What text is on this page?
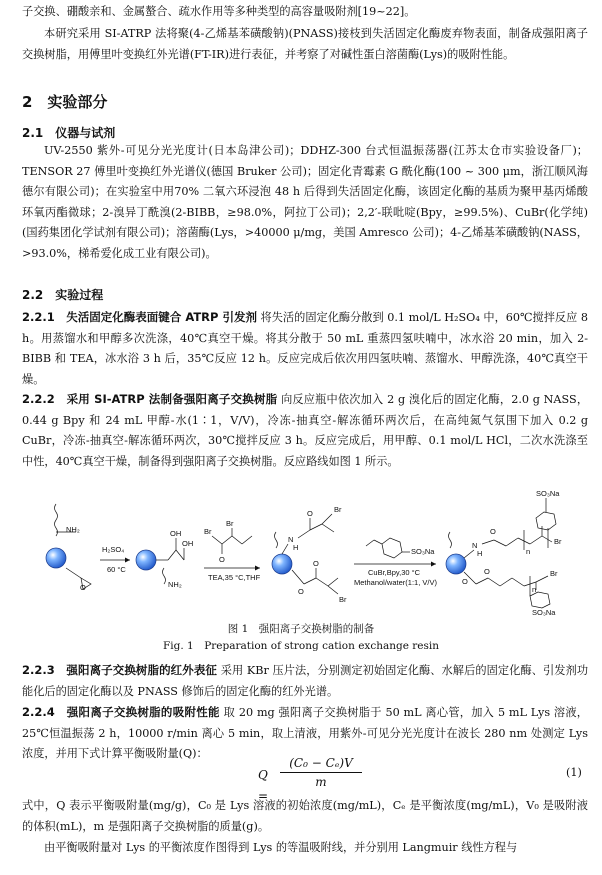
子交换、硼酸亲和、金属螯合、疏水作用等多种类型的高容量吸附剂[19~22]。
本研究采用 SI-ATRP 法将聚(4-乙烯基苯磺酸钠)(PNASS)接枝到失活固定化酶废弃物表面，制备成强阳离子交换树脂，用傅里叶变换红外光谱(FT-IR)进行表征，并考察了对碱性蛋白溶菌酶(Lys)的吸附性能。
2　实验部分
2.1　仪器与试剂
UV-2550 紫外-可见分光光度计(日本岛津公司)；DDHZ-300 台式恒温振荡器(江苏太仓市实验设备厂)；TENSOR 27 傅里叶变换红外光谱仪(德国 Bruker 公司)；固定化青霉素 G 酰化酶(100 ~ 300 μm，浙江顺风海德尔有限公司)；在实验室中用70% 二氧六环浸泡 48 h 后得到失活固定化酶，该固定化酶的基质为聚甲基丙烯酸环氧丙酯微球；2-溴异丁酰溴(2-BIBB，≥98.0%，阿拉丁公司)；2,2′-联吡啶(Bpy，≥99.5%)、CuBr(化学纯)(国药集团化学试剂有限公司)；溶菌酶(Lys，>40000 μ/mg，美国 Amresco 公司)；4-乙烯基苯磺酸钠(NASS，>93.0%，梯希爱化成工业有限公司)。
2.2　实验过程
2.2.1　失活固定化酶表面键合 ATRP 引发剂 将失活的固定化酶分散到 0.1 mol/L H₂SO₄ 中，60℃搅拌反应 8 h。用蒸馏水和甲醇多次洗涤，40℃真空干燥。将其分散于 50 mL 重蒸四氢呋喃中，冰水浴 20 min，加入 2-BIBB 和 TEA，冰水浴 3 h 后，35℃反应 12 h。反应完成后依次用四氢呋喃、蒸馏水、甲醇洗涤，40℃真空干燥。
2.2.2　采用 SI-ATRP 法制备强阳离子交换树脂 向反应瓶中依次加入 2 g 溴化后的固定化酶，2.0 g NASS，0.44 g Bpy 和 24 mL 甲醇-水(1∶1，V/V)，冷冻-抽真空-解冻循环两次后，在高纯氮气氛围下加入 0.2 g CuBr，冷冻-抽真空-解冻循环两次，30℃搅拌反应 3 h。反应完成后，用甲醇、0.1 mol/L HCl，二次水洗涤至中性，40℃真空干燥，制备得到强阳离子交换树脂。反应路线如图 1 所示。
NH₂
O
H₂SO₄
60 °C
OH
OH
NH₂
Br
Br
O
TEA,35 °C,THF
N
H
O	Br
O
O
Br
SO₃Na
CuBr,Bpy,30 °C
Methanol/water(1:1, V/V)
N
H
O
n
Br
SO₃Na
O
O
n
Br
SO₃Na
图 1　强阳离子交换树脂的制备
Fig. 1　Preparation of strong cation exchange resin
2.2.3　强阳离子交换树脂的红外表征 采用 KBr 压片法，分别测定初始固定化酶、水解后的固定化酶、引发剂功能化后的固定化酶以及 PNASS 修饰后的固定化酶的红外光谱。
2.2.4　强阳离子交换树脂的吸附性能 取 20 mg 强阳离子交换树脂于 50 mL 离心管，加入 5 mL Lys 溶液，25℃恒温振荡 2 h，10000 r/min 离心 5 min，取上清液，用紫外-可见分光光度计在波长 280 nm 处测定 Lys 浓度，并用下式计算平衡吸附量(Q)：
Q =
(C₀ − Cₑ)V
m
(1)
式中，Q 表示平衡吸附量(mg/g)，C₀ 是 Lys 溶液的初始浓度(mg/mL)，Cₑ 是平衡浓度(mg/mL)，V₀ 是吸附液的体积(mL)，m 是强阳离子交换树脂的质量(g)。
由平衡吸附量对 Lys 的平衡浓度作图得到 Lys 的等温吸附线，并分别用 Langmuir 线性方程与
